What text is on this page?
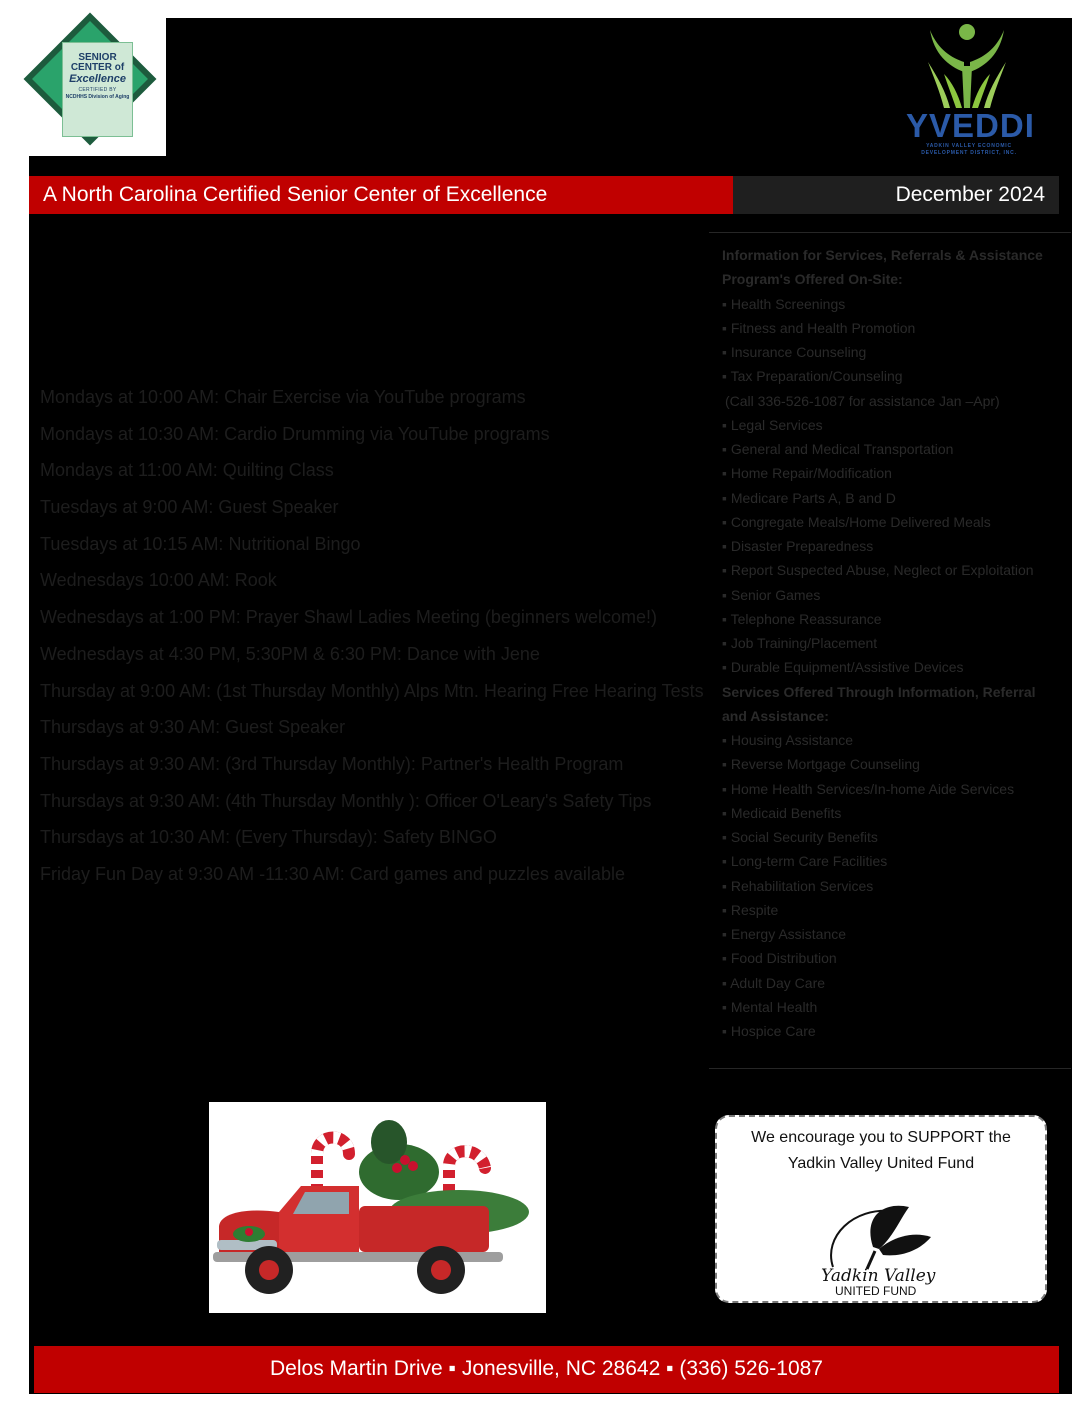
SENIOR CENTER of
Excellence
CERTIFIED BY
NCDHHS Division of Aging
YVEDDI
YADKIN VALLEY ECONOMIC DEVELOPMENT DISTRICT, INC.
A North Carolina Certified Senior Center of Excellence	December 2024
Mondays at 10:00 AM: Chair Exercise via YouTube programs
Mondays at 10:30 AM: Cardio Drumming via YouTube programs
Mondays at 11:00 AM: Quilting Class
Tuesdays at 9:00 AM: Guest Speaker
Tuesdays at 10:15 AM: Nutritional Bingo
Wednesdays 10:00 AM: Rook
Wednesdays at 1:00 PM: Prayer Shawl Ladies Meeting (beginners welcome!)
Wednesdays at 4:30 PM, 5:30PM & 6:30 PM: Dance with Jene
Thursday at 9:00 AM: (1st Thursday Monthly) Alps Mtn. Hearing Free Hearing Tests
Thursdays at 9:30 AM: Guest Speaker
Thursdays at 9:30 AM: (3rd Thursday Monthly): Partner's Health Program
Thursdays at 9:30 AM: (4th Thursday Monthly ): Officer O'Leary's Safety Tips
Thursdays at 10:30 AM: (Every Thursday): Safety BINGO
Friday Fun Day at 9:30 AM -11:30 AM: Card games and puzzles available
Information for Services, Referrals & Assistance
Program's Offered On-Site:
▪ Health Screenings
▪ Fitness and Health Promotion
▪ Insurance Counseling
▪ Tax Preparation/Counseling
(Call 336-526-1087 for assistance Jan –Apr)
▪ Legal Services
▪ General and Medical Transportation
▪ Home Repair/Modification
▪ Medicare Parts A, B and D
▪ Congregate Meals/Home Delivered Meals
▪ Disaster Preparedness
▪ Report Suspected Abuse, Neglect or Exploitation
▪ Senior Games
▪ Telephone Reassurance
▪ Job Training/Placement
▪ Durable Equipment/Assistive Devices
Services Offered Through Information, Referral
and Assistance:
▪ Housing Assistance
▪ Reverse Mortgage Counseling
▪ Home Health Services/In-home Aide Services
▪ Medicaid Benefits
▪ Social Security Benefits
▪ Long-term Care Facilities
▪ Rehabilitation Services
▪ Respite
▪ Energy Assistance
▪ Food Distribution
▪ Adult Day Care
▪ Mental Health
▪ Hospice Care
We encourage you to SUPPORT the
Yadkin Valley United Fund
Yadkin Valley
UNITED FUND
Delos Martin Drive ▪ Jonesville, NC 28642 ▪ (336) 526-1087
